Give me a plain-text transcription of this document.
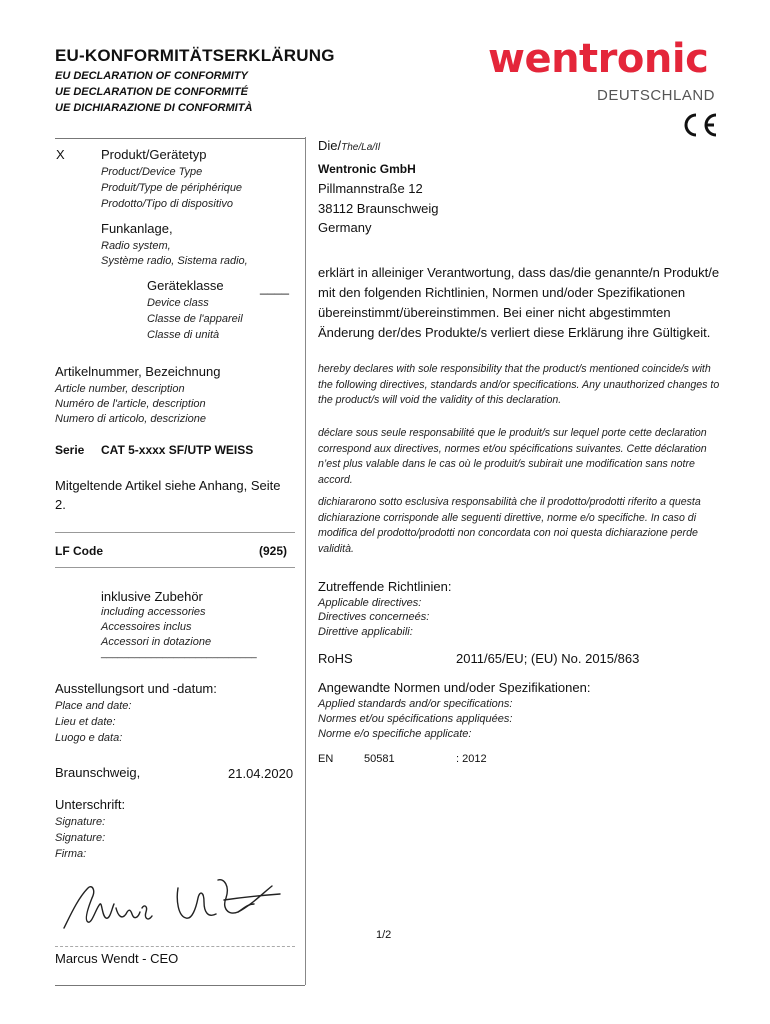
EU-KONFORMITÄTSERKLÄRUNG
EU DECLARATION OF CONFORMITY
UE DECLARATION DE CONFORMITÉ
UE DICHIARAZIONE DI CONFORMITÀ
wentronic
DEUTSCHLAND
X	Produkt/Gerätetyp
Product/Device Type
Produit/Type de périphérique
Prodotto/Tipo di dispositivo
Funkanlage,
Radio system,
Système radio, Sistema radio,
Geräteklasse	____
Device class
Classe de l'appareil
Classe di unità
Artikelnummer, Bezeichnung
Article number, description
Numéro de l'article, description
Numero di articolo, descrizione
Serie CAT 5-xxxx SF/UTP WEISS
Mitgeltende Artikel siehe Anhang, Seite 2.
LF Code	(925)
inklusive Zubehör
including accessories
Accessoires inclus
Accessori in dotazione
____________________________
Ausstellungsort und -datum:
Place and date:
Lieu et date:
Luogo e data:
Braunschweig,	21.04.2020
Unterschrift:
Signature:
Signature:
Firma:
Marcus Wendt - CEO
Die/The/La/Il
Wentronic GmbH
Pillmannstraße 12
38112 Braunschweig
Germany
erklärt in alleiniger Verantwortung, dass das/die genannte/n Produkt/e mit den folgenden Richtlinien, Normen und/oder Spezifikationen übereinstimmt/übereinstimmen. Bei einer nicht abgestimmten Änderung der/des Produkte/s verliert diese Erklärung ihre Gültigkeit.
hereby declares with sole responsibility that the product/s mentioned coincide/s with the following directives, standards and/or specifications. Any unauthorized changes to the product/s will void the validity of this declaration.
déclare sous seule responsabilité que le produit/s sur lequel porte cette declaration correspond aux directives, normes et/ou spécifications suivantes. Cette déclaration n’est plus valable dans le cas où le produit/s subirait une modification sans notre accord.
dichiararono sotto esclusiva responsabilità che il prodotto/prodotti riferito a questa dichiarazione corrisponde alle seguenti direttive, norme e/o specifiche. In caso di modifica del prodotto/prodotti non concordata con noi questa dichiarazione perde validità.
Zutreffende Richtlinien:
Applicable directives:
Directives concerneés:
Direttive applicabili:
RoHS	2011/65/EU; (EU) No. 2015/863
Angewandte Normen und/oder Spezifikationen:
Applied standards and/or specifications:
Normes et/ou spécifications appliquées:
Norme e/o specifiche applicate:
EN	50581	: 2012
1/2
